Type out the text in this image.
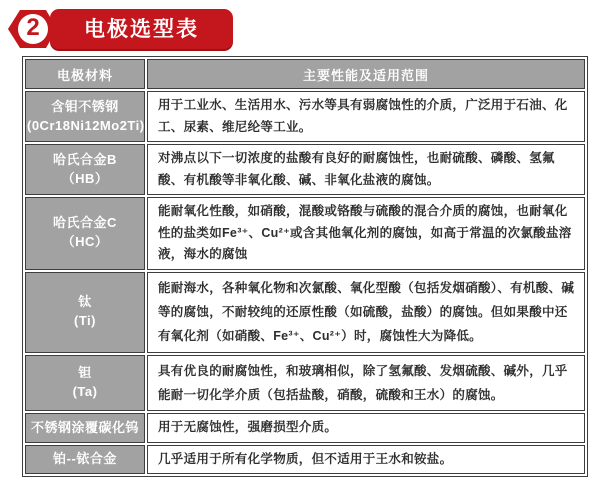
2	电极选型表
电极材料	主要性能及适用范围

含钼不锈钢
(0Cr18Ni12Mo2Ti)	用于工业水、生活用水、污水等具有弱腐蚀性的介质，广泛用于石油、化工、尿素、维尼纶等工业。

哈氏合金B
（HB）	对沸点以下一切浓度的盐酸有良好的耐腐蚀性，也耐硫酸、磷酸、氢氟酸、有机酸等非氧化酸、碱、非氧化盐液的腐蚀。

哈氏合金C
（HC）	能耐氧化性酸，如硝酸，混酸或铬酸与硫酸的混合介质的腐蚀，也耐氧化性的盐类如Fe³⁺、Cu²⁺或含其他氧化剂的腐蚀，如高于常温的次氯酸盐溶液，海水的腐蚀

钛
(Ti)	能耐海水，各种氧化物和次氯酸、氧化型酸（包括发烟硝酸）、有机酸、碱等的腐蚀，不耐较纯的还原性酸（如硫酸，盐酸）的腐蚀。但如果酸中还有氧化剂（如硝酸、Fe³⁺、Cu²⁺）时，腐蚀性大为降低。

钽
(Ta)	具有优良的耐腐蚀性，和玻璃相似，除了氢氟酸、发烟硫酸、碱外，几乎能耐一切化学介质（包括盐酸，硝酸，硫酸和王水）的腐蚀。

不锈钢涂覆碳化钨	用于无腐蚀性，强磨损型介质。

铂--铱合金	几乎适用于所有化学物质，但不适用于王水和铵盐。
